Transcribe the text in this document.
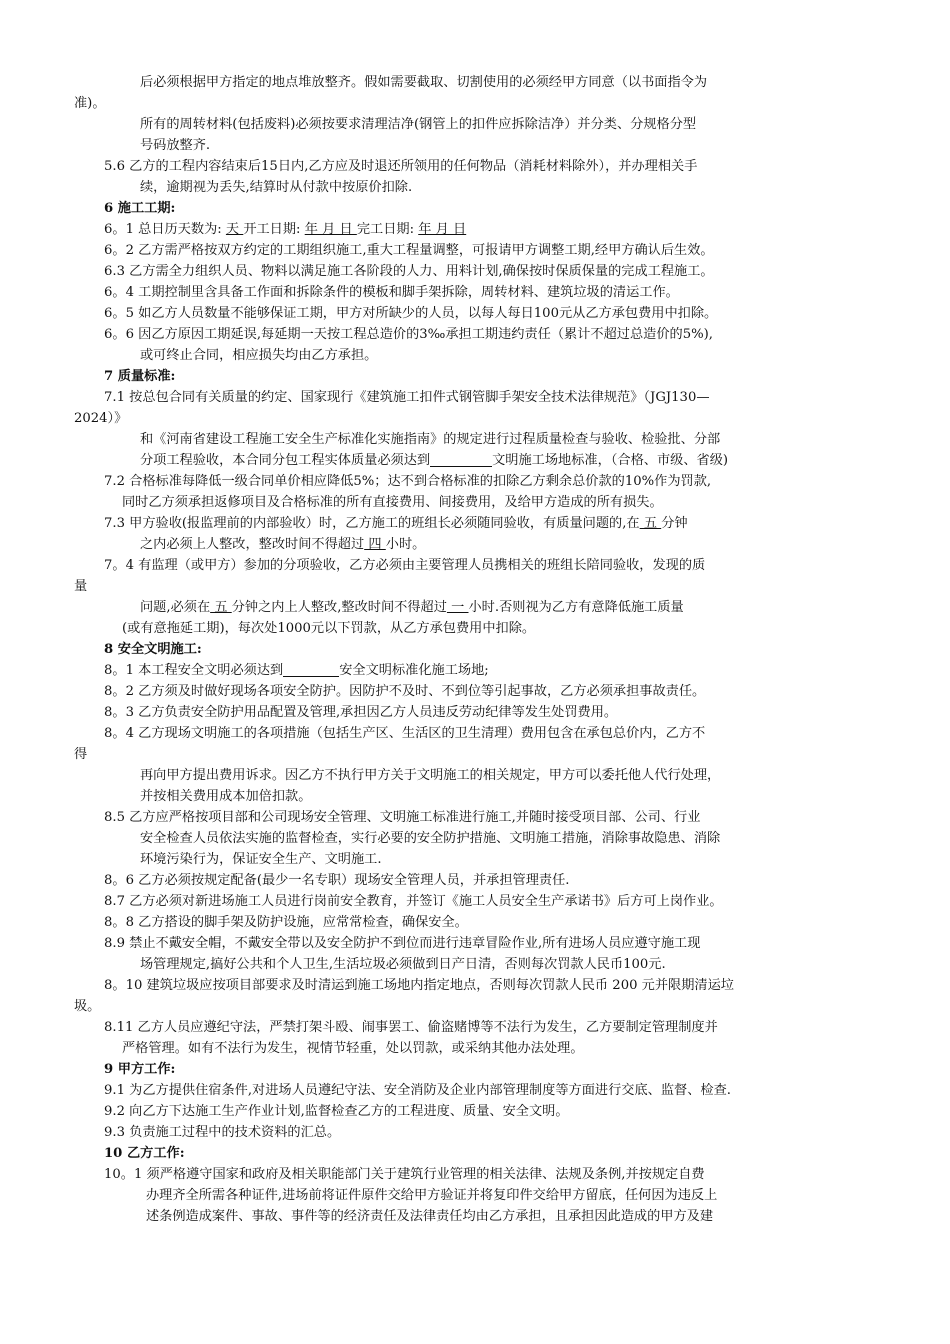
后必须根据甲方指定的地点堆放整齐。假如需要截取、切割使用的必须经甲方同意（以书面指令为
准)。
所有的周转材料(包括废料)必须按要求清理洁净(钢管上的扣件应拆除洁净）并分类、分规格分型
号码放整齐.
5.6 乙方的工程内容结束后15日内,乙方应及时退还所领用的任何物品（消耗材料除外），并办理相关手
续，逾期视为丢失,结算时从付款中按原价扣除.
6 施工工期:
6。1 总日历天数为: 天 开工日期: 年 月 日 完工日期: 年 月 日
6。2 乙方需严格按双方约定的工期组织施工,重大工程量调整，可报请甲方调整工期,经甲方确认后生效。
6.3 乙方需全力组织人员、物料以满足施工各阶段的人力、用料计划,确保按时保质保量的完成工程施工。
6。4 工期控制里含具备工作面和拆除条件的模板和脚手架拆除，周转材料、建筑垃圾的清运工作。
6。5 如乙方人员数量不能够保证工期，甲方对所缺少的人员，以每人每日100元从乙方承包费用中扣除。
6。6 因乙方原因工期延误,每延期一天按工程总造价的3‰承担工期违约责任（累计不超过总造价的5%),
或可终止合同，相应损失均由乙方承担。
7 质量标准:
7.1 按总包合同有关质量的约定、国家现行《建筑施工扣件式钢管脚手架安全技术法律规范》（JGJ130—
2024）》
和《河南省建设工程施工安全生产标准化实施指南》的规定进行过程质量检查与验收、检验批、分部
分项工程验收，本合同分包工程实体质量必须达到	文明施工场地标准，（合格、市级、省级)
7.2 合格标准每降低一级合同单价相应降低5%；达不到合格标准的扣除乙方剩余总价款的10%作为罚款,
同时乙方须承担返修项目及合格标准的所有直接费用、间接费用，及给甲方造成的所有损失。
7.3 甲方验收(报监理前的内部验收）时，乙方施工的班组长必须随同验收，有质量问题的,在 五 分钟
之内必须上人整改，整改时间不得超过 四 小时。
7。4 有监理（或甲方）参加的分项验收，乙方必须由主要管理人员携相关的班组长陪同验收，发现的质
量
问题,必须在 五 分钟之内上人整改,整改时间不得超过 一 小时.否则视为乙方有意降低施工质量
(或有意拖延工期)，每次处1000元以下罚款，从乙方承包费用中扣除。
8 安全文明施工:
8。1 本工程安全文明必须达到	安全文明标准化施工场地;
8。2 乙方须及时做好现场各项安全防护。因防护不及时、不到位等引起事故，乙方必须承担事故责任。
8。3 乙方负责安全防护用品配置及管理,承担因乙方人员违反劳动纪律等发生处罚费用。
8。4 乙方现场文明施工的各项措施（包括生产区、生活区的卫生清理）费用包含在承包总价内，乙方不
得
再向甲方提出费用诉求。因乙方不执行甲方关于文明施工的相关规定，甲方可以委托他人代行处理，
并按相关费用成本加倍扣款。
8.5 乙方应严格按项目部和公司现场安全管理、文明施工标准进行施工,并随时接受项目部、公司、行业
安全检查人员依法实施的监督检查，实行必要的安全防护措施、文明施工措施，消除事故隐患、消除
环境污染行为，保证安全生产、文明施工.
8。6 乙方必须按规定配备(最少一名专职）现场安全管理人员，并承担管理责任.
8.7 乙方必须对新进场施工人员进行岗前安全教育，并签订《施工人员安全生产承诺书》后方可上岗作业。
8。8 乙方搭设的脚手架及防护设施，应常常检查，确保安全。
8.9 禁止不戴安全帽，不戴安全带以及安全防护不到位而进行违章冒险作业,所有进场人员应遵守施工现
场管理规定,搞好公共和个人卫生,生活垃圾必须做到日产日清，否则每次罚款人民币100元.
8。10 建筑垃圾应按项目部要求及时清运到施工场地内指定地点，否则每次罚款人民币 200 元并限期清运垃
圾。
8.11 乙方人员应遵纪守法，严禁打架斗殴、闹事罢工、偷盗赌博等不法行为发生，乙方要制定管理制度并
严格管理。如有不法行为发生，视情节轻重，处以罚款，或采纳其他办法处理。
9 甲方工作:
9.1 为乙方提供住宿条件,对进场人员遵纪守法、安全消防及企业内部管理制度等方面进行交底、监督、检查.
9.2 向乙方下达施工生产作业计划,监督检查乙方的工程进度、质量、安全文明。
9.3 负责施工过程中的技术资料的汇总。
10 乙方工作:
10。1 须严格遵守国家和政府及相关职能部门关于建筑行业管理的相关法律、法规及条例,并按规定自费
办理齐全所需各种证件,进场前将证件原件交给甲方验证并将复印件交给甲方留底，任何因为违反上
述条例造成案件、事故、事件等的经济责任及法律责任均由乙方承担，且承担因此造成的甲方及建
